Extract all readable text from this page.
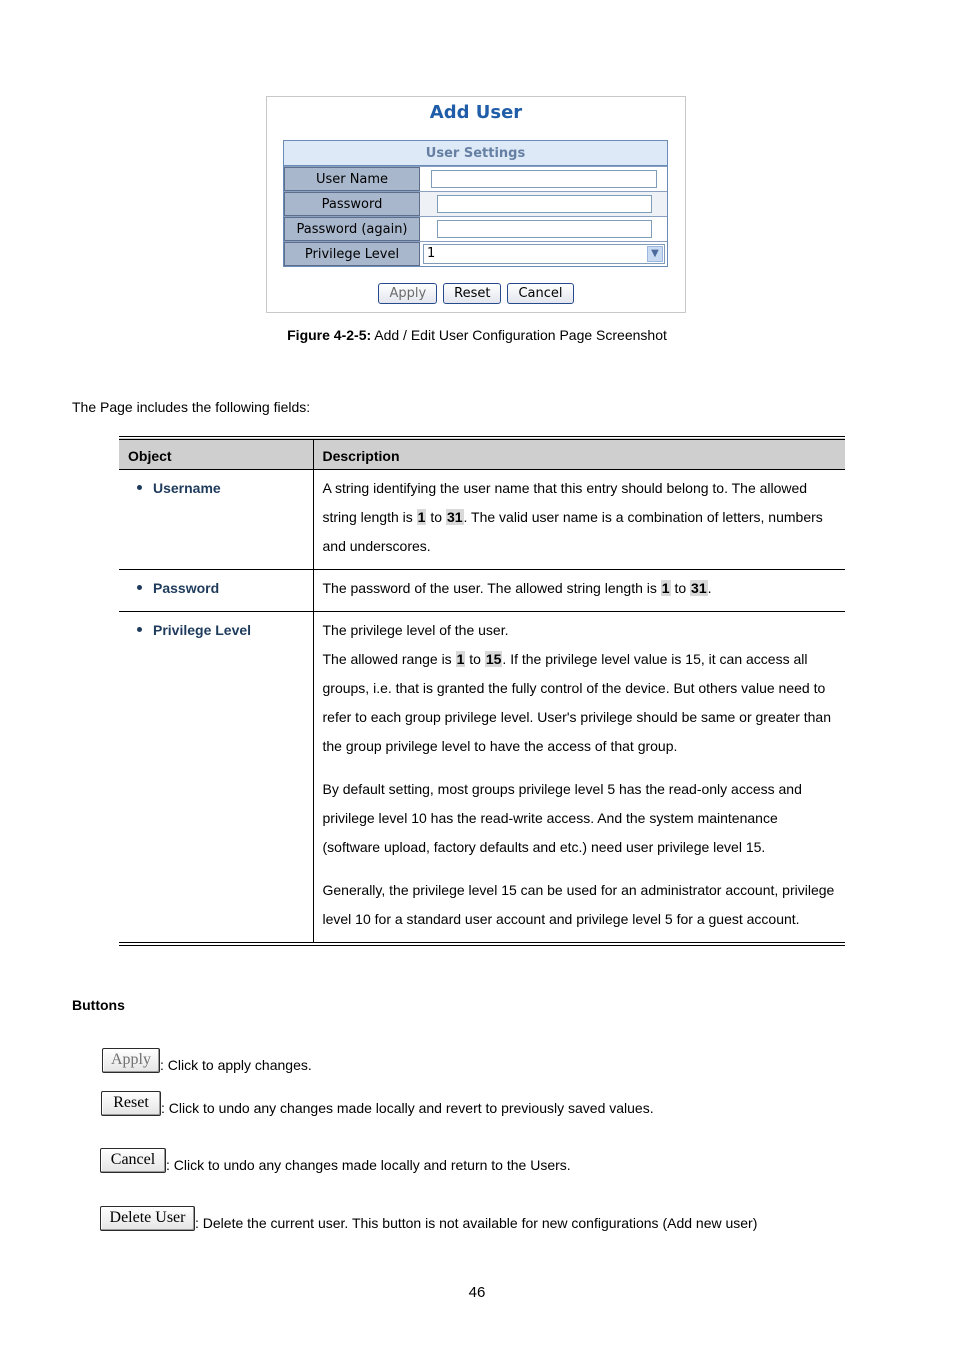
Add User
User Settings
User Name
Password
Password (again)
Privilege Level	1	▼
Apply Reset Cancel
Figure 4-2-5: Add / Edit User Configuration Page Screenshot
The Page includes the following fields:
Object	Description
Username	A string identifying the user name that this entry should belong to. The allowed string length is 1 to 31. The valid user name is a combination of letters, numbers and underscores.
Password	The password of the user. The allowed string length is 1 to 31.
Privilege Level	The privilege level of the user.
The allowed range is 1 to 15. If the privilege level value is 15, it can access all groups, i.e. that is granted the fully control of the device. But others value need to refer to each group privilege level. User's privilege should be same or greater than the group privilege level to have the access of that group.
By default setting, most groups privilege level 5 has the read-only access and privilege level 10 has the read-write access. And the system maintenance (software upload, factory defaults and etc.) need user privilege level 15.
Generally, the privilege level 15 can be used for an administrator account, privilege level 10 for a standard user account and privilege level 5 for a guest account.
Buttons
Apply : Click to apply changes.
Reset : Click to undo any changes made locally and revert to previously saved values.
Cancel : Click to undo any changes made locally and return to the Users.
Delete User : Delete the current user. This button is not available for new configurations (Add new user)
46
